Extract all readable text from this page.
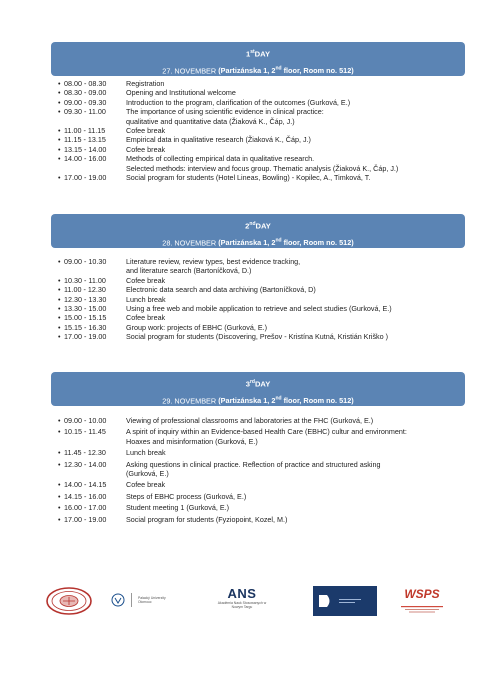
1stDAY
27. NOVEMBER (Partizánska 1, 2nd floor, Room no. 512)
•
08.00 - 08.30	Registration
•
08.30 - 09.00	Opening and Institutional welcome
•
09.00 - 09.30	Introduction to the program, clarification of the outcomes (Gurková, E.)
•
09.30 - 11.00	The importance of using scientific evidence in clinical practice:
qualitative and quantitative data (Žiaková K., Čáp, J.)
•
11.00 - 11.15	Cofee break
•
11.15 - 13.15	Empirical data in qualitative research (Žiaková K., Čáp, J.)
•
13.15 - 14.00	Cofee break
•
14.00 - 16.00	Methods of collecting empirical data in qualitative research.
Selected methods: interview and focus group. Thematic analysis (Žiaková K., Čáp, J.)
•
17.00 - 19.00	Social program for students (Hotel Lineas, Bowling) - Kopilec, A., Timková, T.
2ndDAY
28. NOVEMBER (Partizánska 1, 2nd floor, Room no. 512)
•
09.00 - 10.30	Literature review, review types, best evidence tracking,
and literature search (Bartoníčková, D.)
•
10.30 - 11.00	Cofee break
•
11.00 - 12.30	Electronic data search and data archiving (Bartoníčková, D)
•
12.30 - 13.30	Lunch break
•
13.30 - 15.00	Using a free web and mobile application to retrieve and select studies (Gurková, E.)
•
15.00 - 15.15	Cofee break
•
15.15 - 16.30	Group work: projects of EBHC (Gurková, E.)
•
17.00 - 19.00	Social program for students (Discovering, Prešov - Kristína Kutná, Kristián Kriško )
3rdDAY
29. NOVEMBER (Partizánska 1, 2nd floor, Room no. 512)
•
09.00 - 10.00	Viewing of professional classrooms and laboratories at the FHC (Gurková, E.)
•
10.15 - 11.45	A spirit of inquiry within an Evidence-based Health Care (EBHC) cultur and environment:
Hoaxes and misinformation (Gurková, E.)
•
11.45 - 12.30	Lunch break
•
12.30 - 14.00	Asking questions in clinical practice. Reflection of practice and structured asking
(Gurková, E.)
•
14.00 - 14.15	Cofee break
•
14.15 - 16.00	Steps of EBHC process (Gurková, E.)
•
16.00 - 17.00	Student meeting 1 (Gurková, E.)
•
17.00 - 19.00	Social program for students (Fyziopoint, Kozel, M.)
Palacký Univerzity Olomouc
ANS
Akadémia Nauk Stosowanych w Nowym Targu
WSPS
